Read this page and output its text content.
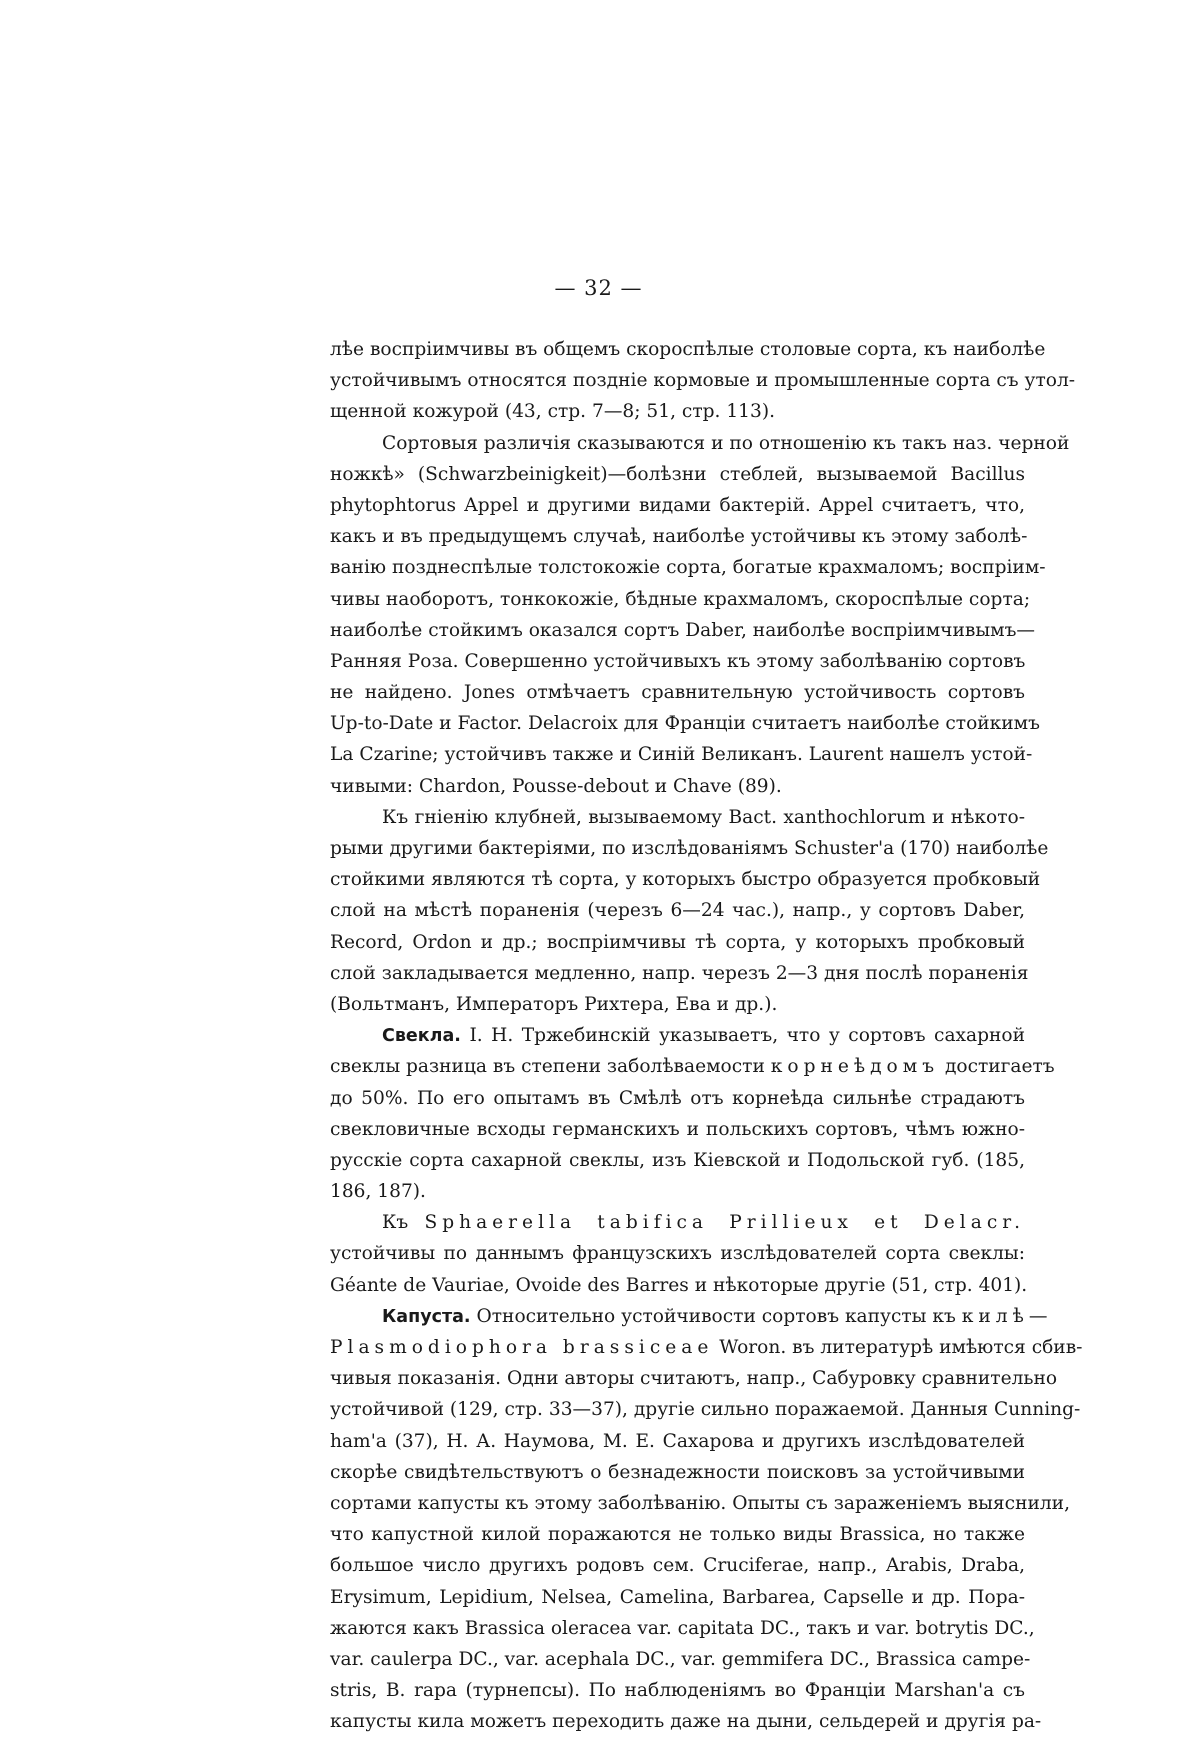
— 32 —
лѣе воспріимчивы въ общемъ скороспѣлые столовые сорта, къ наиболѣе
устойчивымъ относятся поздніе кормовые и промышленные сорта съ утол-
щенной кожурой (43, стр. 7—8; 51, стр. 113).
Сортовыя различія сказываются и по отношенію къ такъ наз. черной
ножкѣ» (Schwarzbeinigkeit)—болѣзни стеблей, вызываемой Bacillus
phytophtorus Appel и другими видами бактерій. Appel считаетъ, что,
какъ и въ предыдущемъ случаѣ, наиболѣе устойчивы къ этому заболѣ-
ванію позднеспѣлые толстокожіе сорта, богатые крахмаломъ; воспріим-
чивы наоборотъ, тонкокожіе, бѣдные крахмаломъ, скороспѣлые сорта;
наиболѣе стойкимъ оказался сортъ Daber, наиболѣе воспріимчивымъ—
Ранняя Роза. Совершенно устойчивыхъ къ этому заболѣванію сортовъ
не найдено. Jones отмѣчаетъ сравнительную устойчивость сортовъ
Up-to-Date и Factor. Delacroix для Франціи считаетъ наиболѣе стойкимъ
La Czarine; устойчивъ также и Синій Великанъ. Laurent нашелъ устой-
чивыми: Chardon, Pousse-debout и Chave (89).
Къ гніенію клубней, вызываемому Bact. xanthochlorum и нѣкото-
рыми другими бактеріями, по изслѣдованіямъ Schuster'а (170) наиболѣе
стойкими являются тѣ сорта, у которыхъ быстро образуется пробковый
слой на мѣстѣ пораненія (черезъ 6—24 час.), напр., у сортовъ Daber,
Record, Ordon и др.; воспріимчивы тѣ сорта, у которыхъ пробковый
слой закладывается медленно, напр. черезъ 2—3 дня послѣ пораненія
(Вольтманъ, Императоръ Рихтера, Ева и др.).
Свекла. I. Н. Тржебинскій указываетъ, что у сортовъ сахарной
свеклы разница въ степени заболѣваемости корнеѣдомъ достигаетъ
до 50%. По его опытамъ въ Смѣлѣ отъ корнеѣда сильнѣе страдаютъ
свекловичные всходы германскихъ и польскихъ сортовъ, чѣмъ южно-
русскіе сорта сахарной свеклы, изъ Кіевской и Подольской губ. (185,
186, 187).
Къ Sphaerella tabifica Prillieux et Delacr.
устойчивы по даннымъ французскихъ изслѣдователей сорта свеклы:
Géante de Vauriae, Ovoide des Barres и нѣкоторые другіе (51, стр. 401).
Капуста. Относительно устойчивости сортовъ капусты къ килѣ—
Plasmodiophora brassiceae Woron. въ литературѣ имѣются сбив-
чивыя показанія. Одни авторы считаютъ, напр., Сабуровку сравнительно
устойчивой (129, стр. 33—37), другіе сильно поражаемой. Данныя Cunning-
ham'а (37), Н. А. Наумова, М. Е. Сахарова и другихъ изслѣдователей
скорѣе свидѣтельствуютъ о безнадежности поисковъ за устойчивыми
сортами капусты къ этому заболѣванію. Опыты съ зараженіемъ выяснили,
что капустной килой поражаются не только виды Brassica, но также
большое число другихъ родовъ сем. Cruciferae, напр., Arabis, Draba,
Erysimum, Lepidium, Nelsea, Camelina, Barbarea, Capselle и др. Пора-
жаются какъ Brassica oleracea var. capitata DC., такъ и var. botrytis DC.,
var. caulerpa DC., var. acephala DC., var. gemmifera DC., Brassica campe-
stris, B. rapa (турнепсы). По наблюденіямъ во Франціи Marshan'а съ
капусты кила можетъ переходить даже на дыни, сельдерей и другія ра-
